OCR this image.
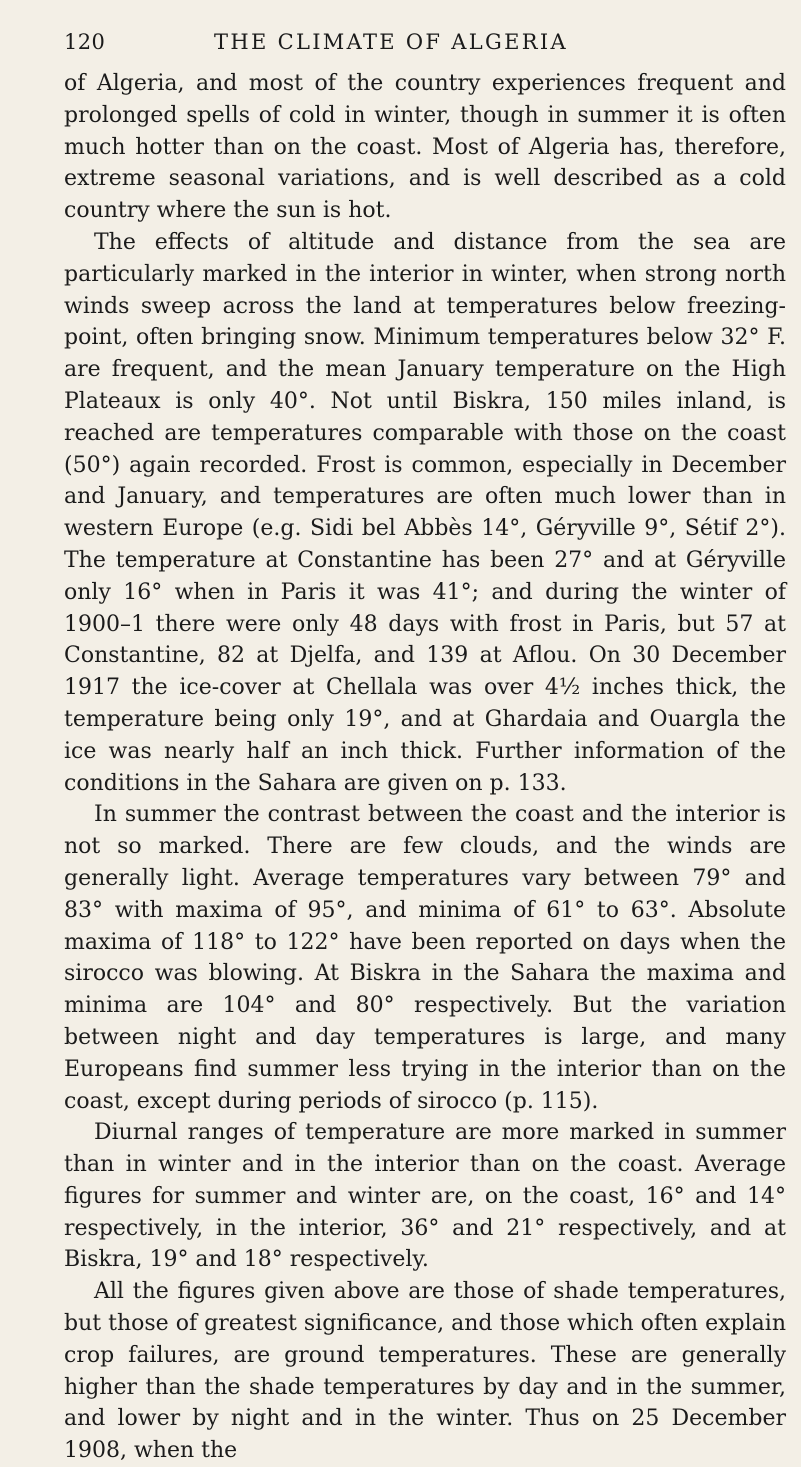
120	THE CLIMATE OF ALGERIA

of Algeria, and most of the country experiences frequent and prolonged spells of cold in winter, though in summer it is often much hotter than on the coast. Most of Algeria has, therefore, extreme seasonal variations, and is well described as a cold country where the sun is hot.

The effects of altitude and distance from the sea are particularly marked in the interior in winter, when strong north winds sweep across the land at temperatures below freezing-point, often bringing snow. Minimum temperatures below 32° F. are frequent, and the mean January temperature on the High Plateaux is only 40°. Not until Biskra, 150 miles inland, is reached are temperatures comparable with those on the coast (50°) again recorded. Frost is common, especially in December and January, and temperatures are often much lower than in western Europe (e.g. Sidi bel Abbès 14°, Géryville 9°, Sétif 2°). The temperature at Constantine has been 27° and at Géryville only 16° when in Paris it was 41°; and during the winter of 1900–1 there were only 48 days with frost in Paris, but 57 at Constantine, 82 at Djelfa, and 139 at Aflou. On 30 December 1917 the ice-cover at Chellala was over 4½ inches thick, the temperature being only 19°, and at Ghardaia and Ouargla the ice was nearly half an inch thick. Further information of the conditions in the Sahara are given on p. 133.

In summer the contrast between the coast and the interior is not so marked. There are few clouds, and the winds are generally light. Average temperatures vary between 79° and 83° with maxima of 95°, and minima of 61° to 63°. Absolute maxima of 118° to 122° have been reported on days when the sirocco was blowing. At Biskra in the Sahara the maxima and minima are 104° and 80° respectively. But the variation between night and day temperatures is large, and many Europeans find summer less trying in the interior than on the coast, except during periods of sirocco (p. 115).

Diurnal ranges of temperature are more marked in summer than in winter and in the interior than on the coast. Average figures for summer and winter are, on the coast, 16° and 14° respectively, in the interior, 36° and 21° respectively, and at Biskra, 19° and 18° respectively.

All the figures given above are those of shade temperatures, but those of greatest significance, and those which often explain crop failures, are ground temperatures. These are generally higher than the shade temperatures by day and in the summer, and lower by night and in the winter. Thus on 25 December 1908, when the
